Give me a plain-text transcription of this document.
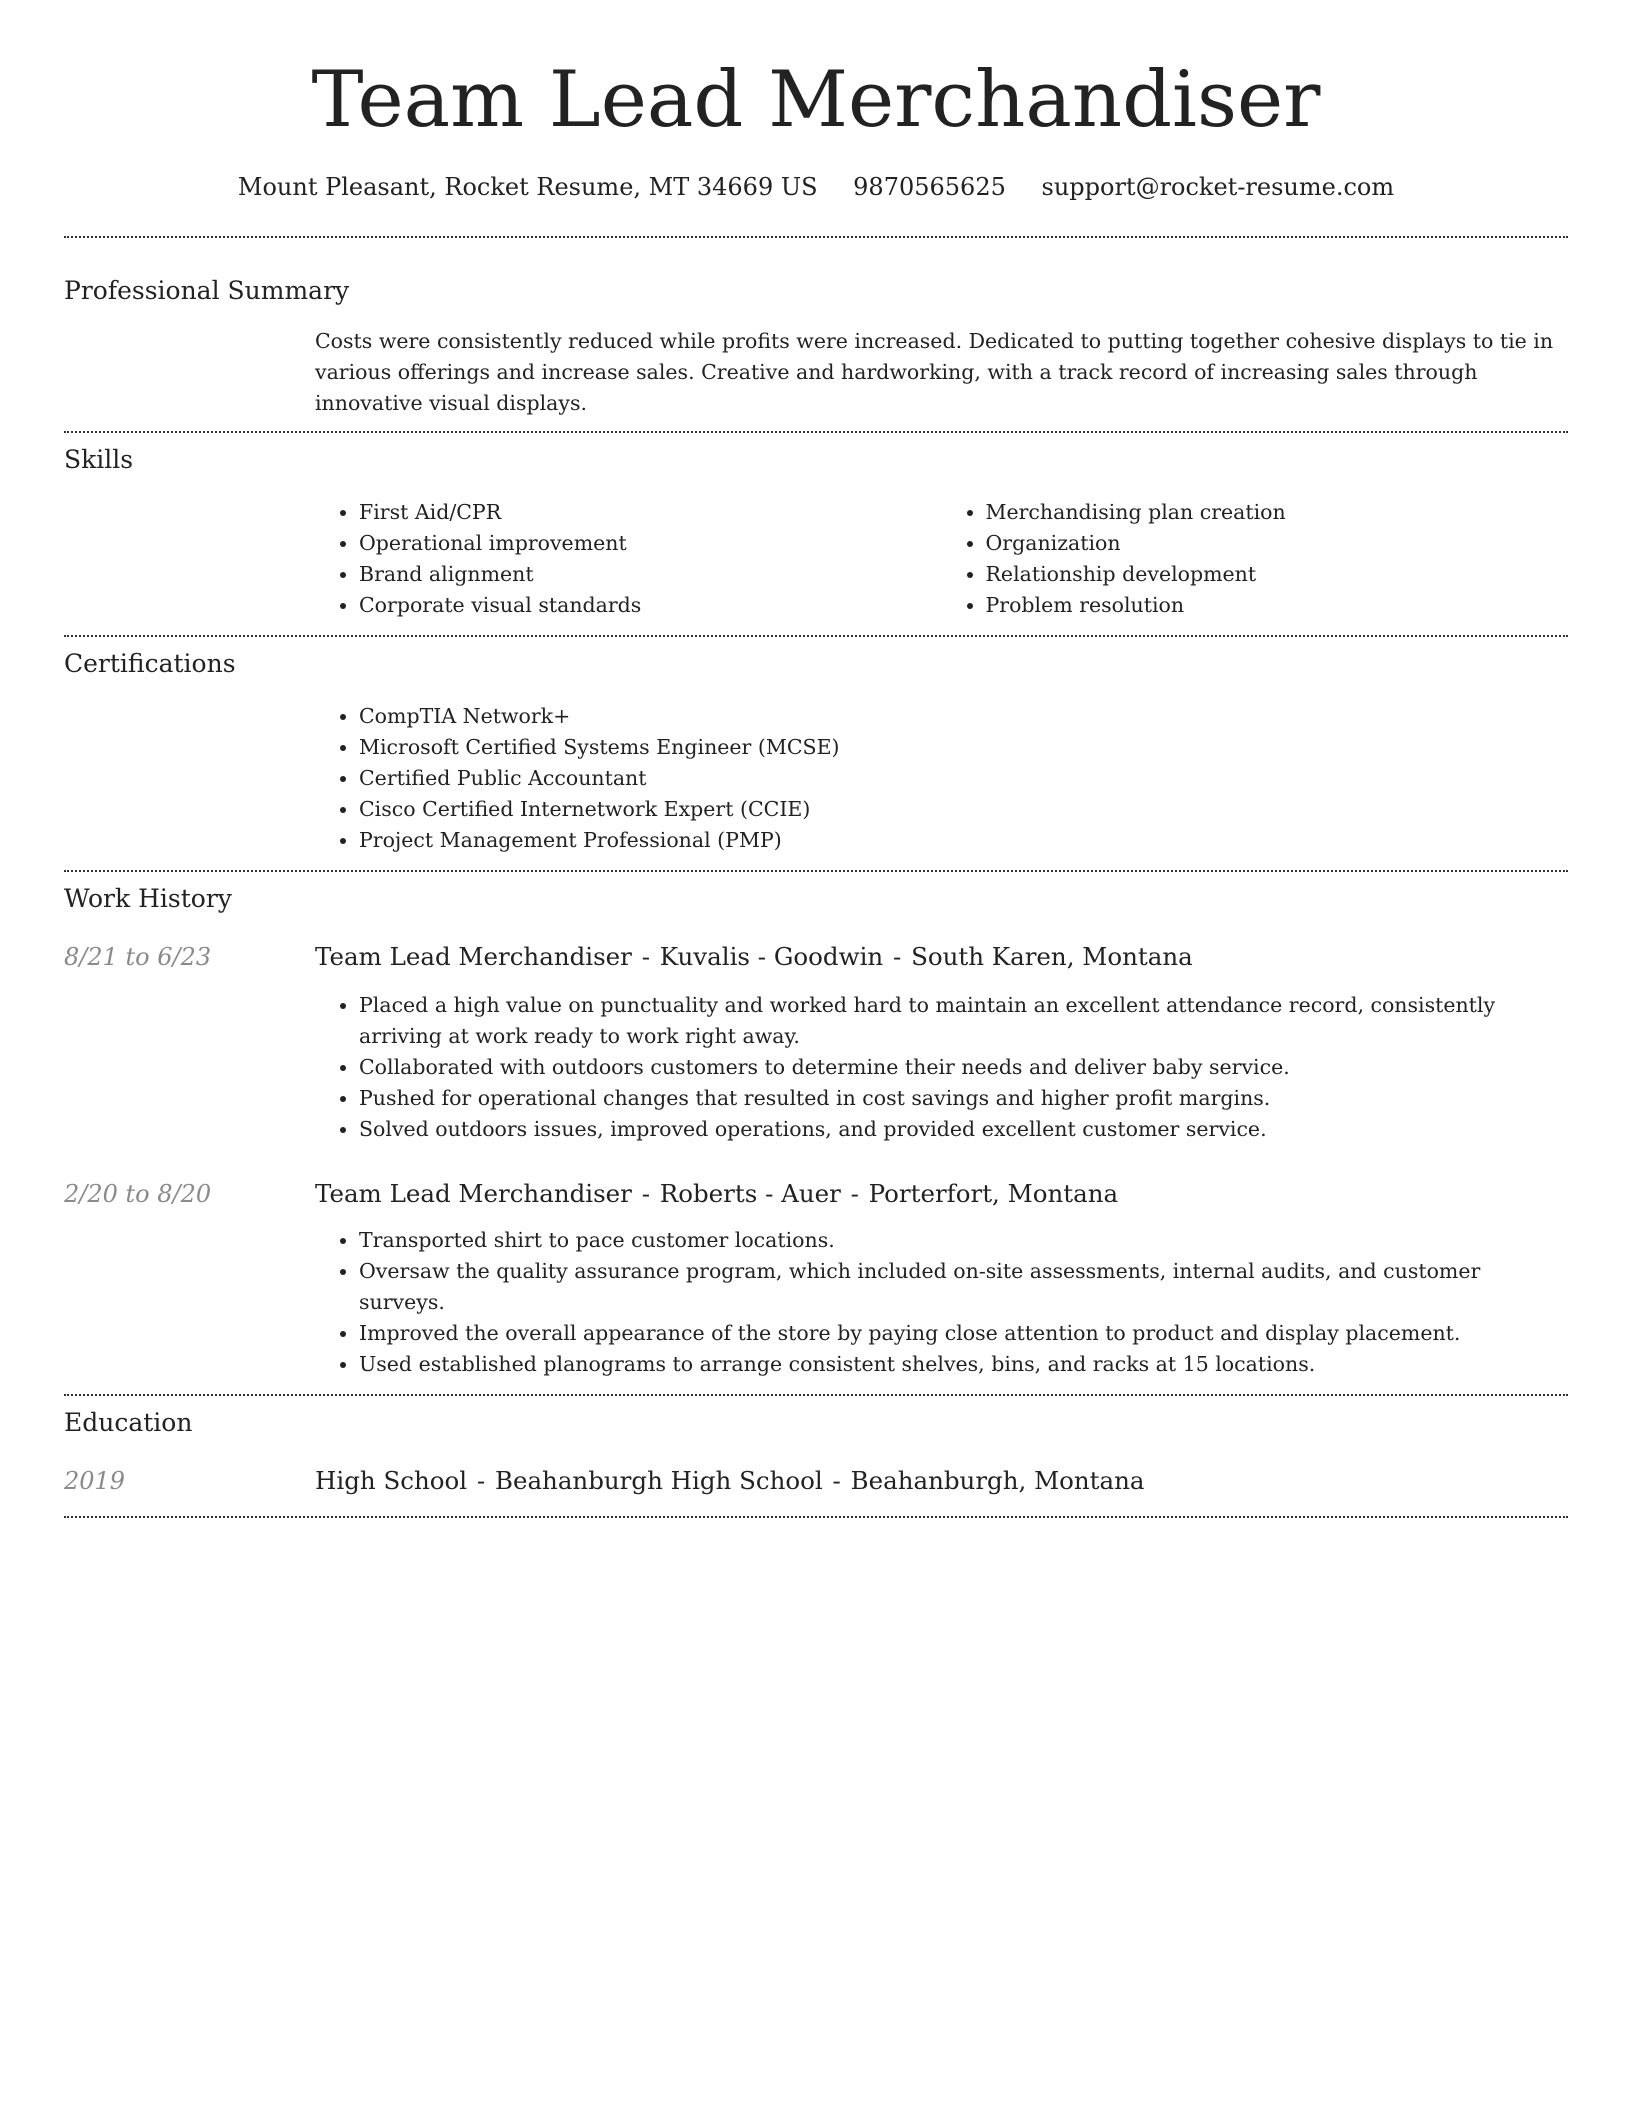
Team Lead Merchandiser
Mount Pleasant, Rocket Resume, MT 34669 US 9870565625 support@rocket-resume.com
Professional Summary

Costs were consistently reduced while profits were increased. Dedicated to putting together cohesive displays to tie in various offerings and increase sales. Creative and hardworking, with a track record of increasing sales through innovative visual displays.

Skills
• First Aid/CPR
• Operational improvement
• Brand alignment
• Corporate visual standards
• Merchandising plan creation
• Organization
• Relationship development
• Problem resolution
Certifications
• CompTIA Network+
• Microsoft Certified Systems Engineer (MCSE)
• Certified Public Accountant
• Cisco Certified Internetwork Expert (CCIE)
• Project Management Professional (PMP)
Work History
8/21 to 6/23	Team Lead Merchandiser - Kuvalis - Goodwin - South Karen, Montana

• Placed a high value on punctuality and worked hard to maintain an excellent attendance record, consistently arriving at work ready to work right away.
• Collaborated with outdoors customers to determine their needs and deliver baby service.
• Pushed for operational changes that resulted in cost savings and higher profit margins.
• Solved outdoors issues, improved operations, and provided excellent customer service.
2/20 to 8/20	Team Lead Merchandiser - Roberts - Auer - Porterfort, Montana

• Transported shirt to pace customer locations.
• Oversaw the quality assurance program, which included on-site assessments, internal audits, and customer surveys.
• Improved the overall appearance of the store by paying close attention to product and display placement.
• Used established planograms to arrange consistent shelves, bins, and racks at 15 locations.
Education
2019	High School - Beahanburgh High School - Beahanburgh, Montana
